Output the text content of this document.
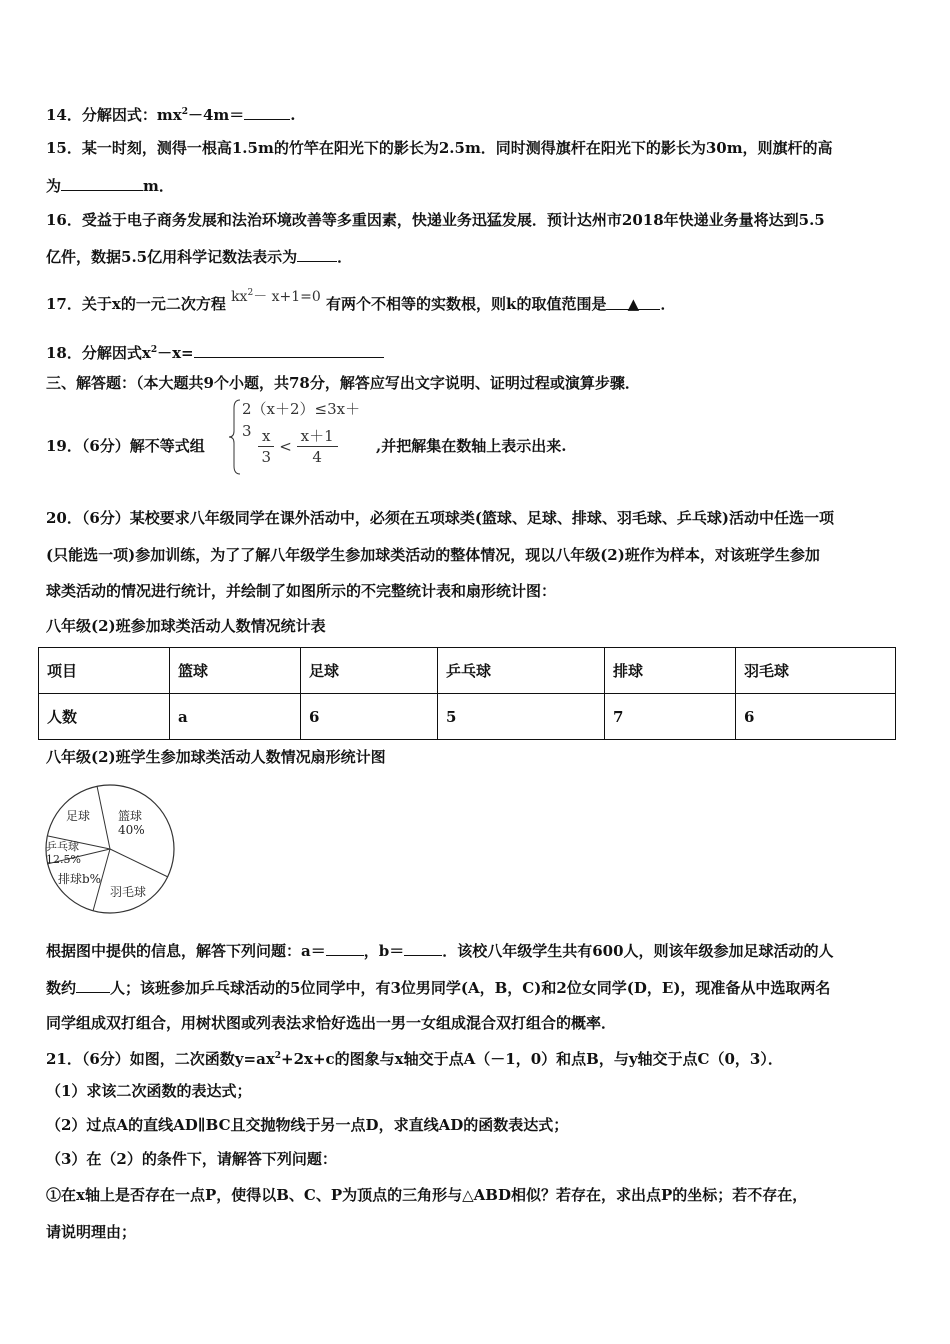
14．分解因式：$mx^2-4m=$	.
15．某一时刻，测得一根高1.5m的竹竿在阳光下的影长为2.5m．同时测得旗杆在阳光下的影长为30m，则旗杆的高
为	m．
16．受益于电子商务发展和法治环境改善等多重因素，快递业务迅猛发展．预计达州市2018年快递业务量将达到5.5
亿件，数据5.5亿用科学记数法表示为	．
17．关于x的一元二次方程 $kx^2- x+1=0$ 有两个不相等的实数根，则k的取值范围是 ▲ ．
18．分解因式$x^2-x=$
三、解答题：（本大题共9个小题，共78分，解答应写出文字说明、证明过程或演算步骤．
19．（6分）解不等式组
$2(x+2)\le 3x+3 \frac{x}{3} < \frac{x+1}{4}$	,并把解集在数轴上表示出来.
20．（6分）某校要求八年级同学在课外活动中，必须在五项球类(篮球、足球、排球、羽毛球、乒乓球)活动中任选一项
(只能选一项)参加训练，为了了解八年级学生参加球类活动的整体情况，现以八年级(2)班作为样本，对该班学生参加
球类活动的情况进行统计，并绘制了如图所示的不完整统计表和扇形统计图：
八年级(2)班参加球类活动人数情况统计表
项目	篮球	足球	乒乓球	排球	羽毛球
人数	a	6	5	7	6
八年级(2)班学生参加球类活动人数情况扇形统计图
篮球
40%
足球
乒乓球
12.5%
排球b%
羽毛球
根据图中提供的信息，解答下列问题：a＝	，b＝	．该校八年级学生共有600人，则该年级参加足球活动的人
数约 人；该班参加乒乓球活动的5位同学中，有3位男同学(A，B，C)和2位女同学(D，E)，现准备从中选取两名
同学组成双打组合，用树状图或列表法求恰好选出一男一女组成混合双打组合的概率．
21．（6分）如图，二次函数$y=ax^2+2x+c$的图象与x轴交于点A（－1，0）和点B，与y轴交于点C（0，3）．
（1）求该二次函数的表达式；
（2）过点A的直线AD∥BC且交抛物线于另一点D，求直线AD的函数表达式；
（3）在（2）的条件下，请解答下列问题：
①在x轴上是否存在一点P，使得以B、C、P为顶点的三角形与△ABD相似？若存在，求出点P的坐标；若不存在，
请说明理由；
